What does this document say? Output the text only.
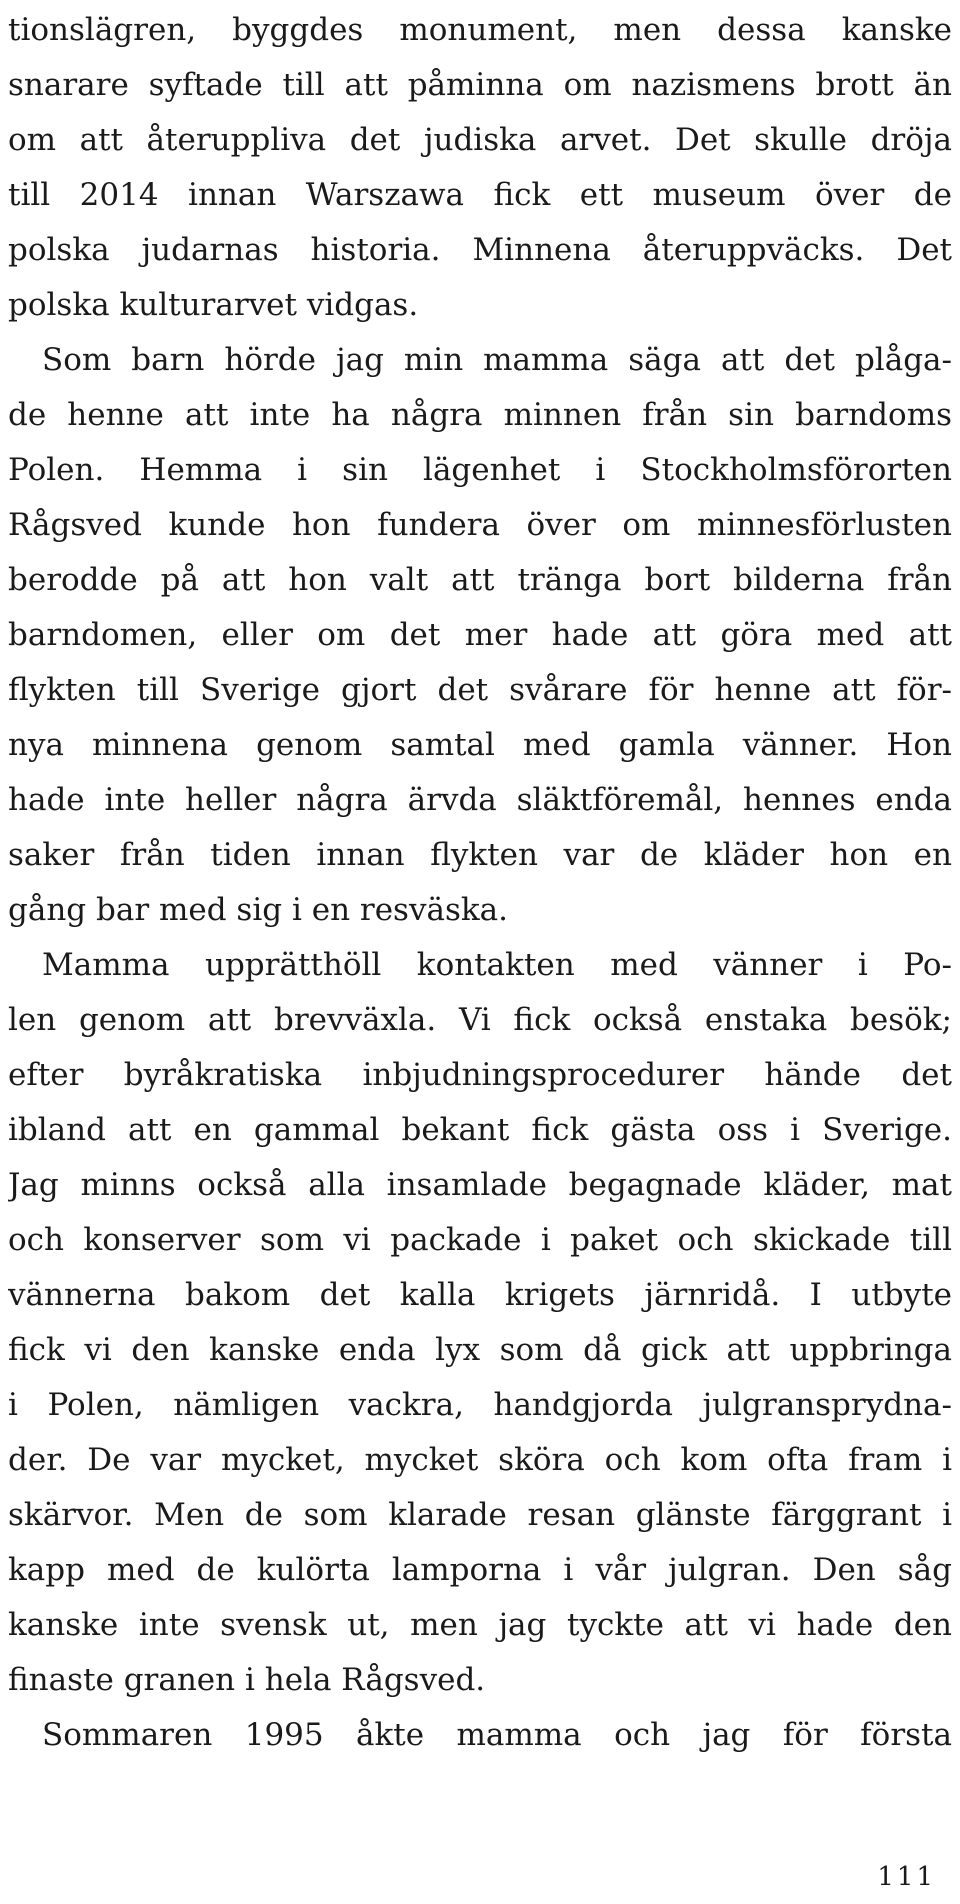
tionslägren, byggdes monument, men dessa kanske
snarare syftade till att påminna om nazismens brott än
om att återuppliva det judiska arvet. Det skulle dröja
till 2014 innan Warszawa fick ett museum över de
polska judarnas historia. Minnena återuppväcks. Det
polska kulturarvet vidgas.
Som barn hörde jag min mamma säga att det plåga-
de henne att inte ha några minnen från sin barndoms
Polen. Hemma i sin lägenhet i Stockholmsförorten
Rågsved kunde hon fundera över om minnesförlusten
berodde på att hon valt att tränga bort bilderna från
barndomen, eller om det mer hade att göra med att
flykten till Sverige gjort det svårare för henne att för-
nya minnena genom samtal med gamla vänner. Hon
hade inte heller några ärvda släktföremål, hennes enda
saker från tiden innan flykten var de kläder hon en
gång bar med sig i en resväska.
Mamma upprätthöll kontakten med vänner i Po-
len genom att brevväxla. Vi fick också enstaka besök;
efter byråkratiska inbjudningsprocedurer hände det
ibland att en gammal bekant fick gästa oss i Sverige.
Jag minns också alla insamlade begagnade kläder, mat
och konserver som vi packade i paket och skickade till
vännerna bakom det kalla krigets järnridå. I utbyte
fick vi den kanske enda lyx som då gick att uppbringa
i Polen, nämligen vackra, handgjorda julgransprydna-
der. De var mycket, mycket sköra och kom ofta fram i
skärvor. Men de som klarade resan glänste färggrant i
kapp med de kulörta lamporna i vår julgran. Den såg
kanske inte svensk ut, men jag tyckte att vi hade den
finaste granen i hela Rågsved.
Sommaren 1995 åkte mamma och jag för första
111
